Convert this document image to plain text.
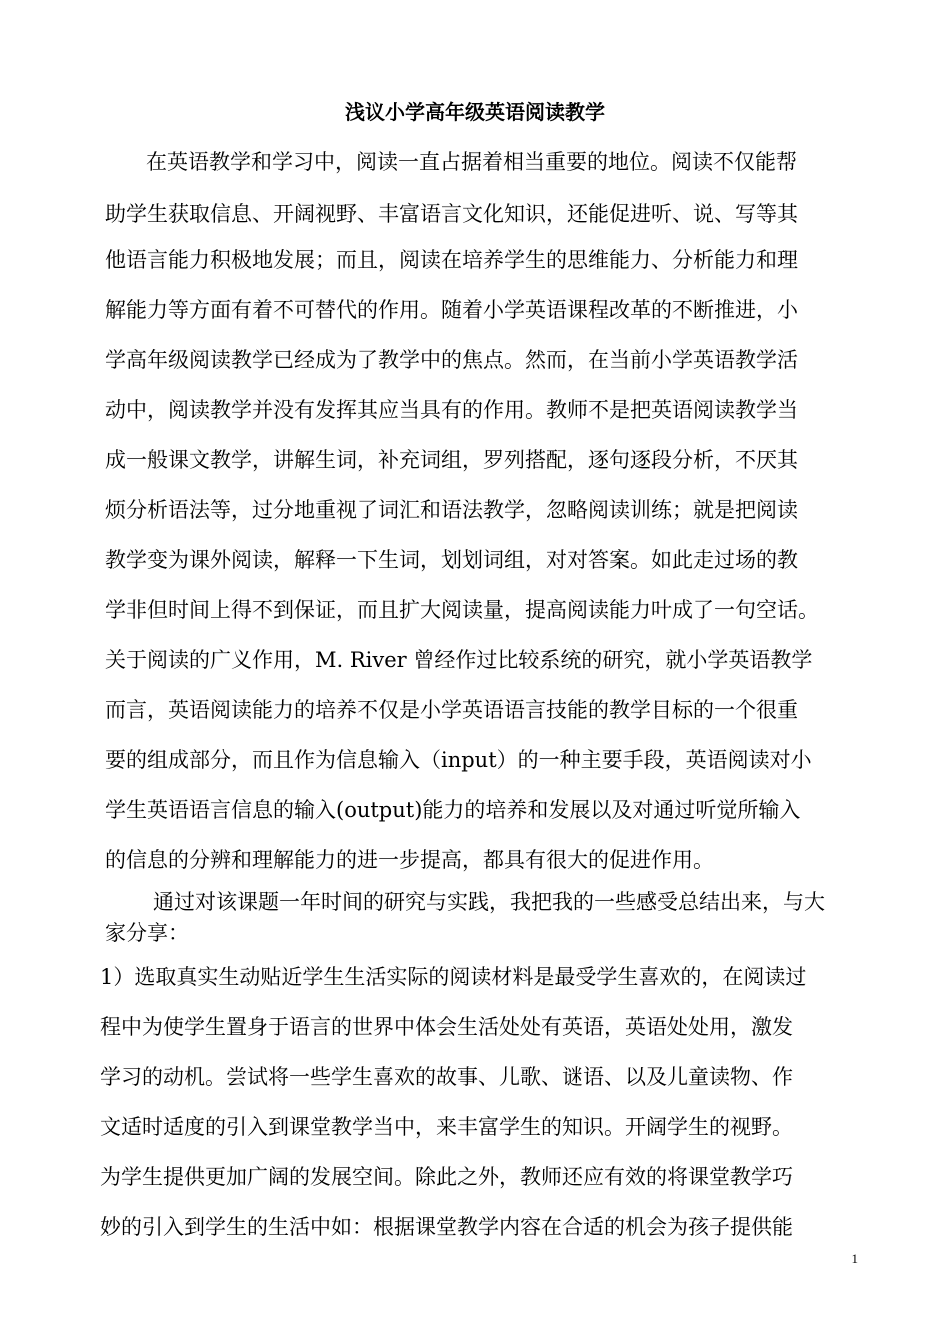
浅议小学高年级英语阅读教学
在英语教学和学习中，阅读一直占据着相当重要的地位。阅读不仅能帮
助学生获取信息、开阔视野、丰富语言文化知识，还能促进听、说、写等其
他语言能力积极地发展；而且，阅读在培养学生的思维能力、分析能力和理
解能力等方面有着不可替代的作用。随着小学英语课程改革的不断推进，小
学高年级阅读教学已经成为了教学中的焦点。然而，在当前小学英语教学活
动中，阅读教学并没有发挥其应当具有的作用。教师不是把英语阅读教学当
成一般课文教学，讲解生词，补充词组，罗列搭配，逐句逐段分析，不厌其
烦分析语法等，过分地重视了词汇和语法教学，忽略阅读训练；就是把阅读
教学变为课外阅读，解释一下生词，划划词组，对对答案。如此走过场的教
学非但时间上得不到保证，而且扩大阅读量，提高阅读能力叶成了一句空话。
关于阅读的广义作用，M. River 曾经作过比较系统的研究，就小学英语教学
而言，英语阅读能力的培养不仅是小学英语语言技能的教学目标的一个很重
要的组成部分，而且作为信息输入（input）的一种主要手段，英语阅读对小
学生英语语言信息的输入(output)能力的培养和发展以及对通过听觉所输入
的信息的分辨和理解能力的进一步提高，都具有很大的促进作用。
通过对该课题一年时间的研究与实践，我把我的一些感受总结出来，与大
家分享：
1）选取真实生动贴近学生生活实际的阅读材料是最受学生喜欢的，在阅读过
程中为使学生置身于语言的世界中体会生活处处有英语，英语处处用，激发
学习的动机。尝试将一些学生喜欢的故事、儿歌、谜语、以及儿童读物、作
文适时适度的引入到课堂教学当中，来丰富学生的知识。开阔学生的视野。
为学生提供更加广阔的发展空间。除此之外，教师还应有效的将课堂教学巧
妙的引入到学生的生活中如：根据课堂教学内容在合适的机会为孩子提供能
1
